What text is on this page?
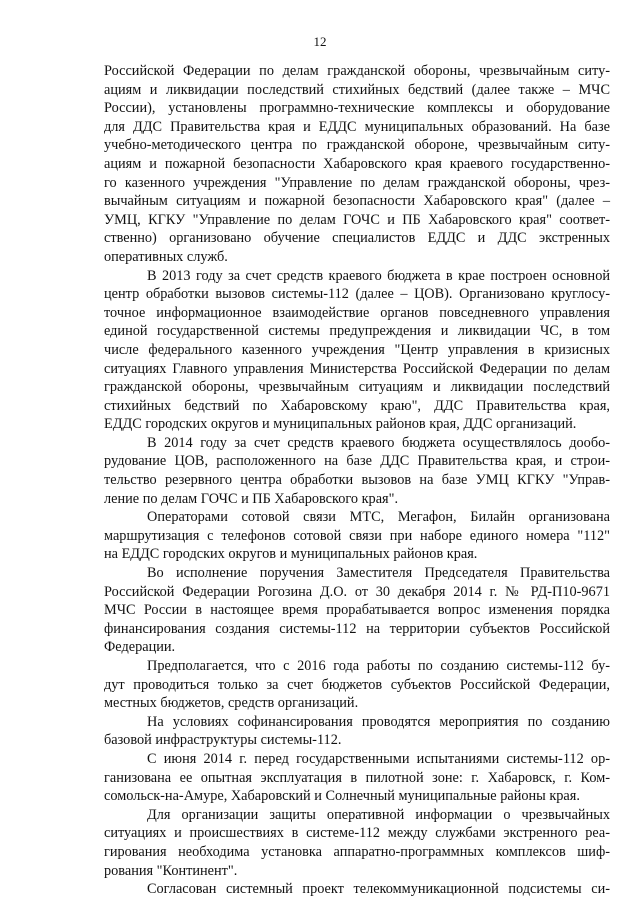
12
Российской Федерации по делам гражданской обороны, чрезвычайным ситу-
ациям и ликвидации последствий стихийных бедствий (далее также – МЧС
России), установлены программно-технические комплексы и оборудование
для ДДС Правительства края и ЕДДС муниципальных образований. На базе
учебно-методического центра по гражданской обороне, чрезвычайным ситу-
ациям и пожарной безопасности Хабаровского края краевого государственно-
го казенного учреждения "Управление по делам гражданской обороны, чрез-
вычайным ситуациям и пожарной безопасности Хабаровского края" (далее –
УМЦ, КГКУ "Управление по делам ГОЧС и ПБ Хабаровского края" соответ-
ственно) организовано обучение специалистов ЕДДС и ДДС экстренных
оперативных служб.
В 2013 году за счет средств краевого бюджета в крае построен основной
центр обработки вызовов системы-112 (далее – ЦОВ). Организовано круглосу-
точное информационное взаимодействие органов повседневного управления
единой государственной системы предупреждения и ликвидации ЧС, в том
числе федерального казенного учреждения "Центр управления в кризисных
ситуациях Главного управления Министерства Российской Федерации по делам
гражданской обороны, чрезвычайным ситуациям и ликвидации последствий
стихийных бедствий по Хабаровскому краю", ДДС Правительства края,
ЕДДС городских округов и муниципальных районов края, ДДС организаций.
В 2014 году за счет средств краевого бюджета осуществлялось дообо-
рудование ЦОВ, расположенного на базе ДДС Правительства края, и строи-
тельство резервного центра обработки вызовов на базе УМЦ КГКУ "Управ-
ление по делам ГОЧС и ПБ Хабаровского края".
Операторами сотовой связи МТС, Мегафон, Билайн организована
маршрутизация с телефонов сотовой связи при наборе единого номера "112"
на ЕДДС городских округов и муниципальных районов края.
Во исполнение поручения Заместителя Председателя Правительства
Российской Федерации Рогозина Д.О. от 30 декабря 2014 г. № РД-П10-9671
МЧС России в настоящее время прорабатывается вопрос изменения порядка
финансирования создания системы-112 на территории субъектов Российской
Федерации.
Предполагается, что с 2016 года работы по созданию системы-112 бу-
дут проводиться только за счет бюджетов субъектов Российской Федерации,
местных бюджетов, средств организаций.
На условиях софинансирования проводятся мероприятия по созданию
базовой инфраструктуры системы-112.
С июня 2014 г. перед государственными испытаниями системы-112 ор-
ганизована ее опытная эксплуатация в пилотной зоне: г. Хабаровск, г. Ком-
сомольск-на-Амуре, Хабаровский и Солнечный муниципальные районы края.
Для организации защиты оперативной информации о чрезвычайных
ситуациях и происшествиях в системе-112 между службами экстренного реа-
гирования необходима установка аппаратно-программных комплексов шиф-
рования "Континент".
Согласован системный проект телекоммуникационной подсистемы си-
